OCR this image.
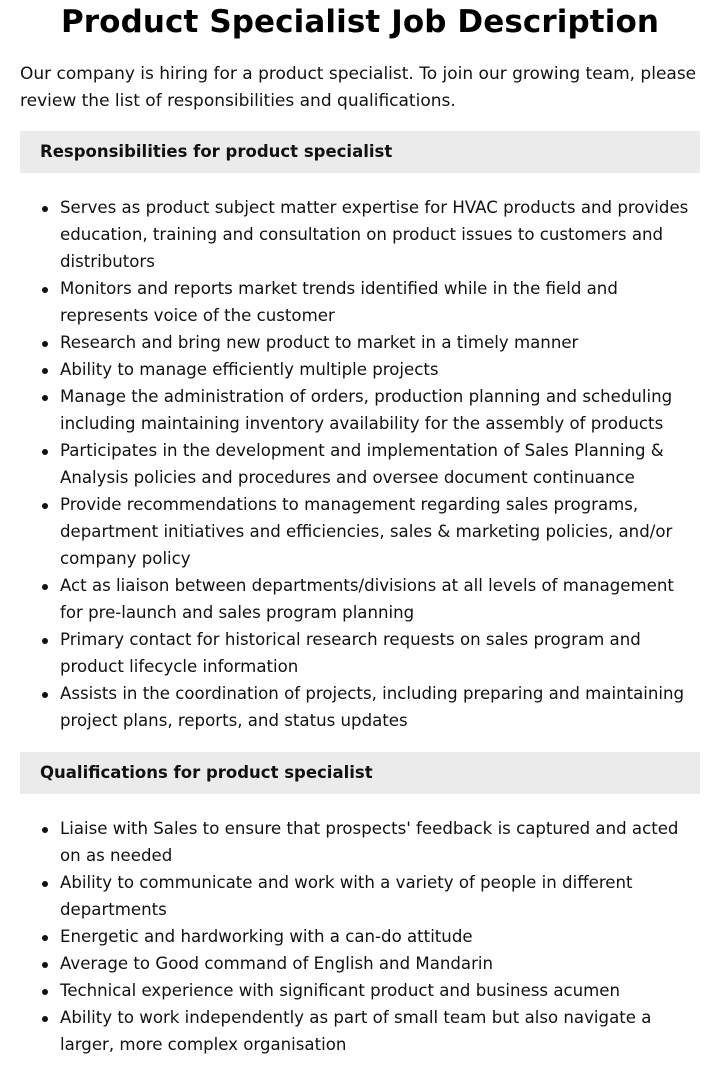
Product Specialist Job Description

Our company is hiring for a product specialist. To join our growing team, please review the list of responsibilities and qualifications.

Responsibilities for product specialist
Serves as product subject matter expertise for HVAC products and provides education, training and consultation on product issues to customers and distributors
Monitors and reports market trends identified while in the field and represents voice of the customer
Research and bring new product to market in a timely manner
Ability to manage efficiently multiple projects
Manage the administration of orders, production planning and scheduling including maintaining inventory availability for the assembly of products
Participates in the development and implementation of Sales Planning & Analysis policies and procedures and oversee document continuance
Provide recommendations to management regarding sales programs, department initiatives and efficiencies, sales & marketing policies, and/or company policy
Act as liaison between departments/divisions at all levels of management for pre-launch and sales program planning
Primary contact for historical research requests on sales program and product lifecycle information
Assists in the coordination of projects, including preparing and maintaining project plans, reports, and status updates
Qualifications for product specialist
Liaise with Sales to ensure that prospects' feedback is captured and acted on as needed
Ability to communicate and work with a variety of people in different departments
Energetic and hardworking with a can-do attitude
Average to Good command of English and Mandarin
Technical experience with significant product and business acumen
Ability to work independently as part of small team but also navigate a larger, more complex organisation
